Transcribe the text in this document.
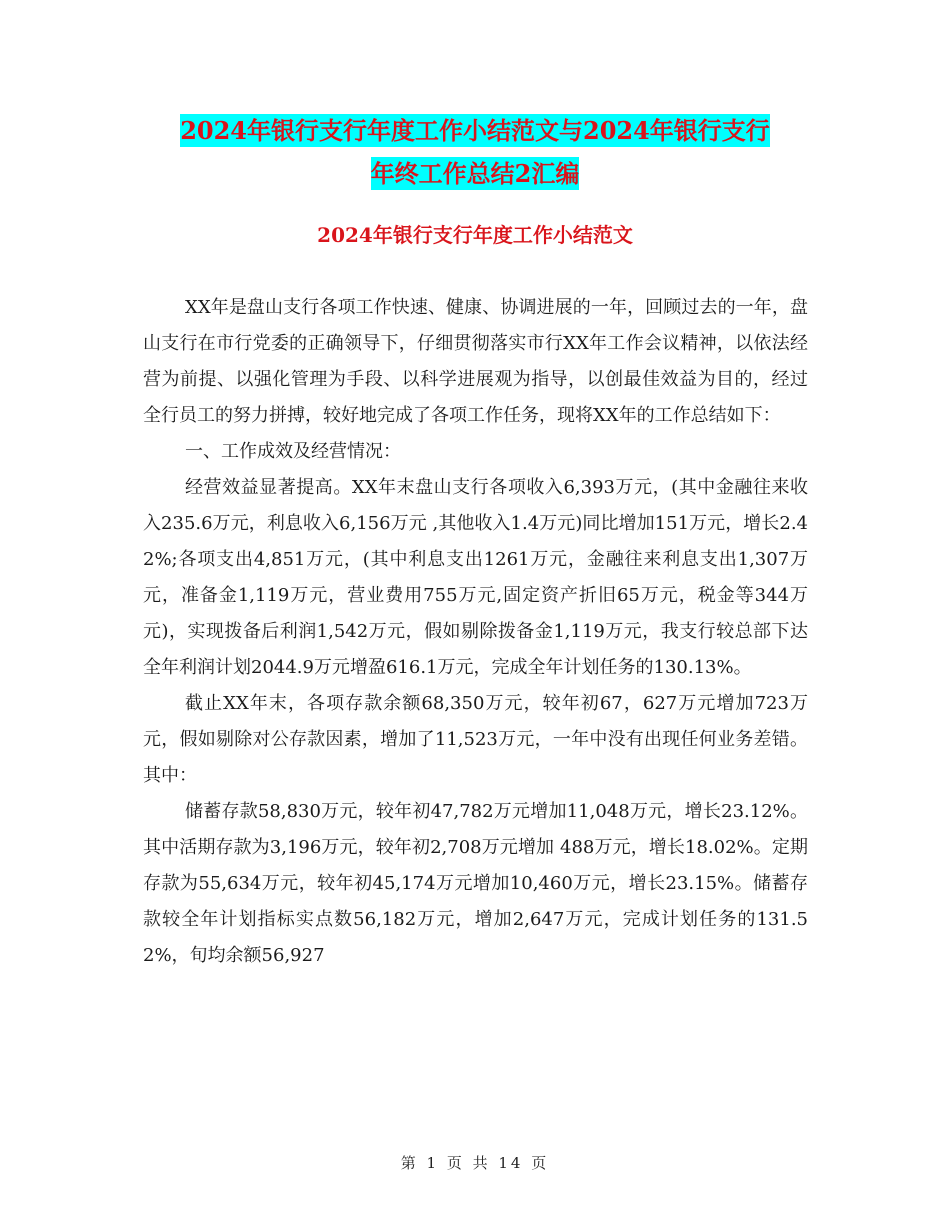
2024年银行支行年度工作小结范文与2024年银行支行
年终工作总结2汇编
2024年银行支行年度工作小结范文

XX年是盘山支行各项工作快速、健康、协调进展的一年，回顾过去的一年，盘山支行在市行党委的正确领导下，仔细贯彻落实市行XX年工作会议精神，以依法经营为前提、以强化管理为手段、以科学进展观为指导，以创最佳效益为目的，经过全行员工的努力拼搏，较好地完成了各项工作任务，现将XX年的工作总结如下：

一、工作成效及经营情况：

经营效益显著提高。XX年末盘山支行各项收入6,393万元，(其中金融往来收入235.6万元，利息收入6,156万元 ,其他收入1.4万元)同比增加151万元，增长2.42%;各项支出4,851万元，(其中利息支出1261万元，金融往来利息支出1,307万元，准备金1,119万元，营业费用755万元,固定资产折旧65万元，税金等344万元)，实现拨备后利润1,542万元，假如剔除拨备金1,119万元，我支行较总部下达全年利润计划2044.9万元增盈616.1万元，完成全年计划任务的130.13%。

截止XX年末，各项存款余额68,350万元，较年初67，627万元增加723万元，假如剔除对公存款因素，增加了11,523万元，一年中没有出现任何业务差错。其中：

储蓄存款58,830万元，较年初47,782万元增加11,048万元，增长23.12%。其中活期存款为3,196万元，较年初2,708万元增加 488万元，增长18.02%。定期存款为55,634万元，较年初45,174万元增加10,460万元，增长23.15%。储蓄存款较全年计划指标实点数56,182万元，增加2,647万元，完成计划任务的131.52%，旬均余额56,927

第 1 页 共 14 页
